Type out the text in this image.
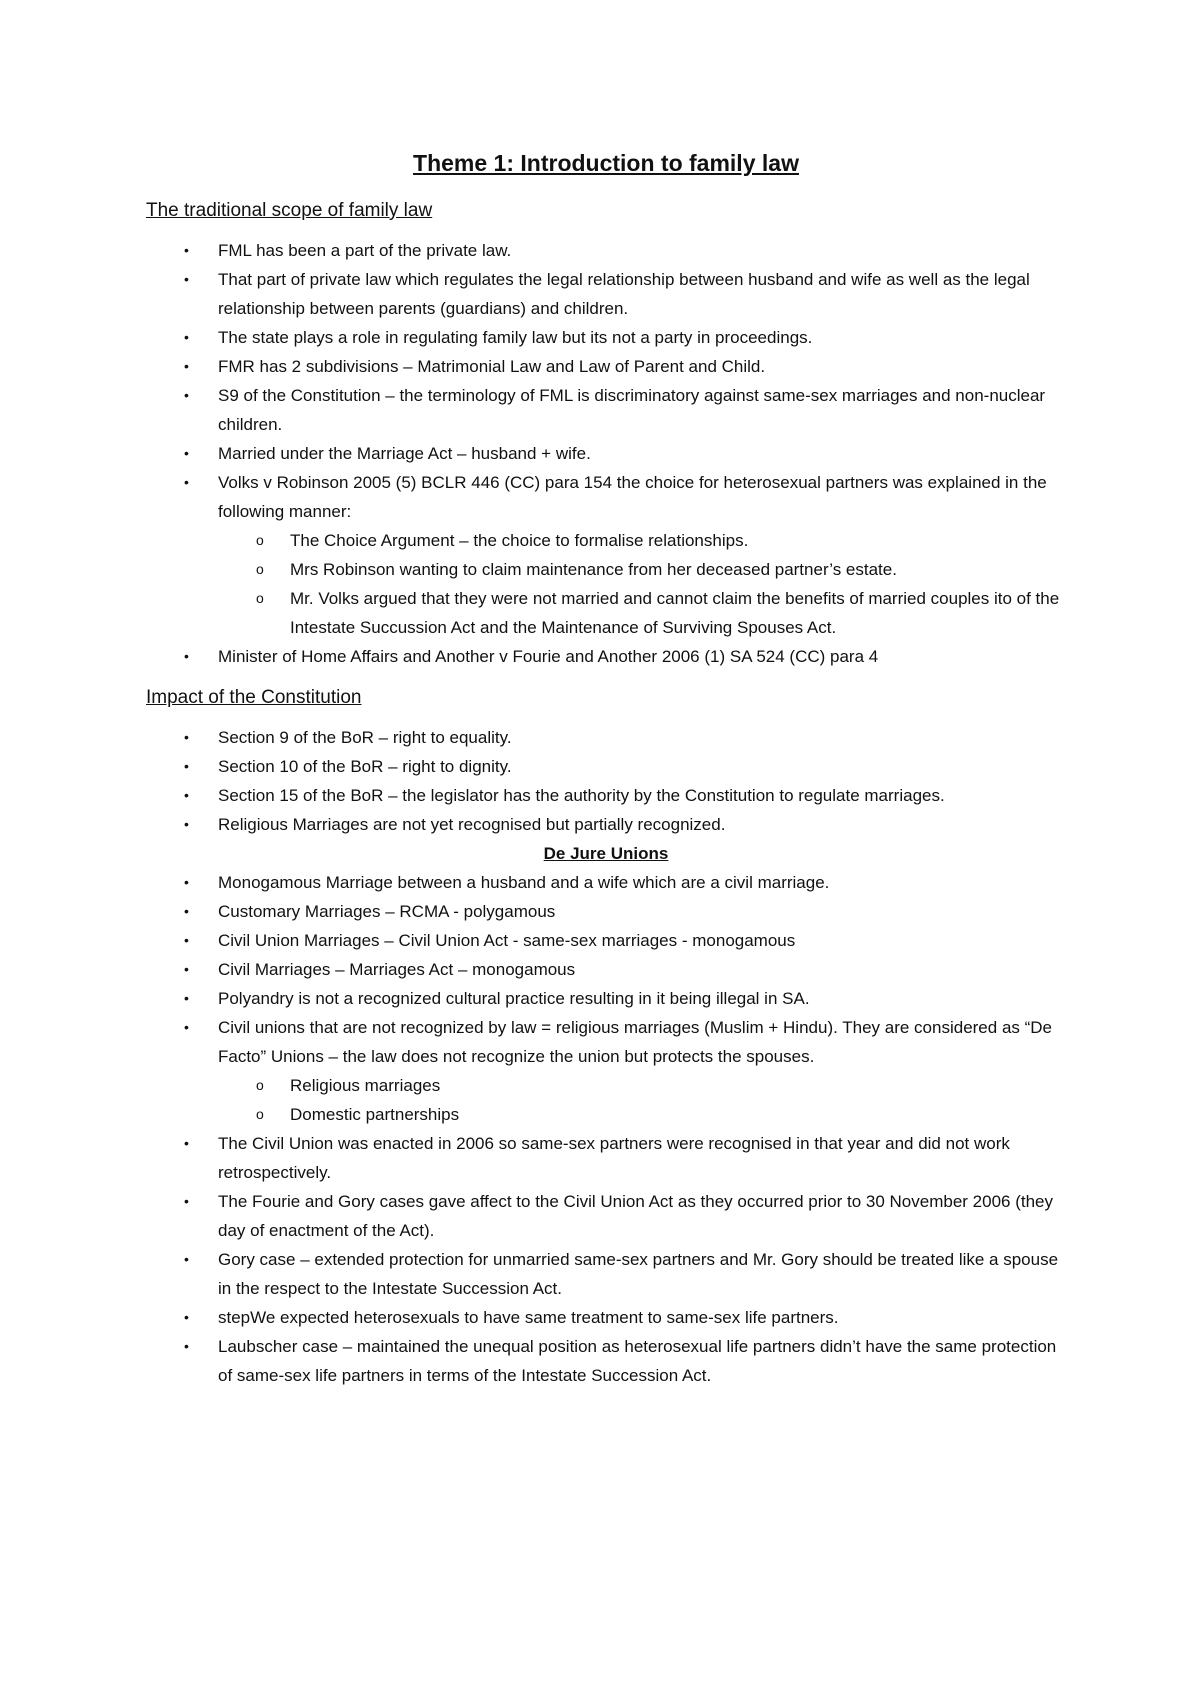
Theme 1: Introduction to family law
The traditional scope of family law
• FML has been a part of the private law.
• That part of private law which regulates the legal relationship between husband and wife as well as the legal relationship between parents (guardians) and children.
• The state plays a role in regulating family law but its not a party in proceedings.
• FMR has 2 subdivisions – Matrimonial Law and Law of Parent and Child.
• S9 of the Constitution – the terminology of FML is discriminatory against same-sex marriages and non-nuclear children.
• Married under the Marriage Act – husband + wife.
• Volks v Robinson 2005 (5) BCLR 446 (CC) para 154 the choice for heterosexual partners was explained in the following manner:
o The Choice Argument – the choice to formalise relationships.
o Mrs Robinson wanting to claim maintenance from her deceased partner’s estate.
o Mr. Volks argued that they were not married and cannot claim the benefits of married couples ito of the Intestate Succussion Act and the Maintenance of Surviving Spouses Act.
• Minister of Home Affairs and Another v Fourie and Another 2006 (1) SA 524 (CC) para 4
Impact of the Constitution
• Section 9 of the BoR – right to equality.
• Section 10 of the BoR – right to dignity.
• Section 15 of the BoR – the legislator has the authority by the Constitution to regulate marriages.
• Religious Marriages are not yet recognised but partially recognized.
De Jure Unions
• Monogamous Marriage between a husband and a wife which are a civil marriage.
• Customary Marriages – RCMA - polygamous
• Civil Union Marriages – Civil Union Act - same-sex marriages - monogamous
• Civil Marriages – Marriages Act – monogamous
• Polyandry is not a recognized cultural practice resulting in it being illegal in SA.
• Civil unions that are not recognized by law = religious marriages (Muslim + Hindu). They are considered as “De Facto” Unions – the law does not recognize the union but protects the spouses.
o Religious marriages
o Domestic partnerships
• The Civil Union was enacted in 2006 so same-sex partners were recognised in that year and did not work retrospectively.
• The Fourie and Gory cases gave affect to the Civil Union Act as they occurred prior to 30 November 2006 (they day of enactment of the Act).
• Gory case – extended protection for unmarried same-sex partners and Mr. Gory should be treated like a spouse in the respect to the Intestate Succession Act.
• stepWe expected heterosexuals to have same treatment to same-sex life partners.
• Laubscher case – maintained the unequal position as heterosexual life partners didn’t have the same protection of same-sex life partners in terms of the Intestate Succession Act.
